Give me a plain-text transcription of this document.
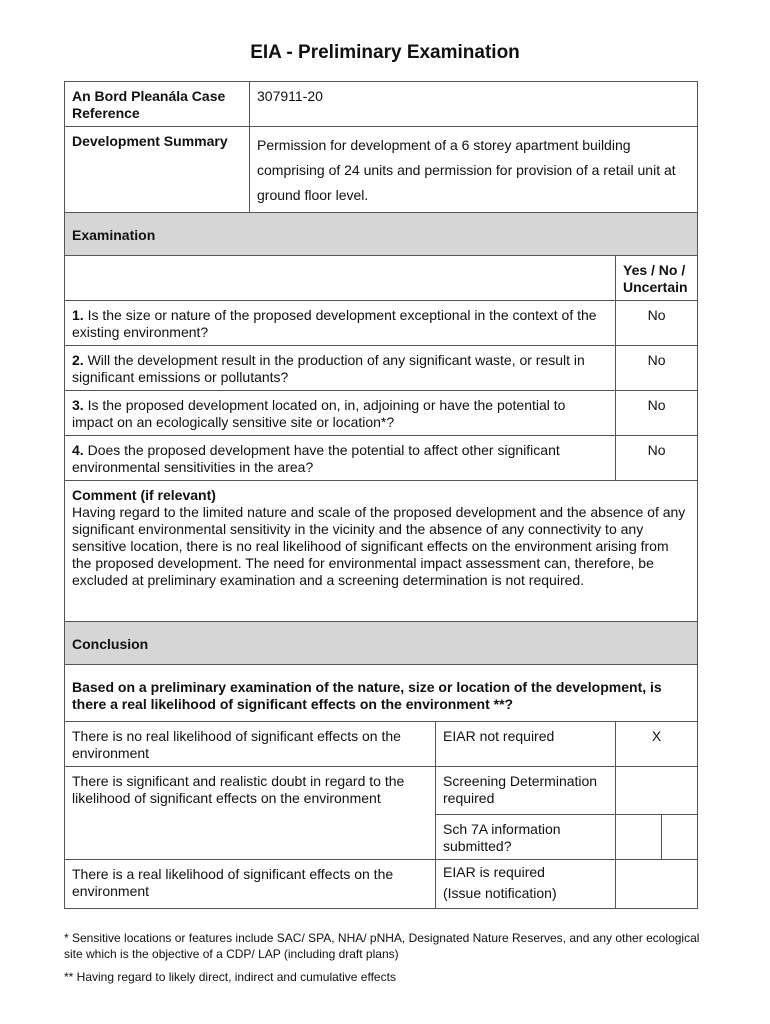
EIA - Preliminary Examination
An Bord Pleanála Case Reference	307911-20			
Development Summary	Permission for development of a 6 storey apartment building comprising of 24 units and permission for provision of a retail unit at ground floor level.			
Examination				
			Yes / No / Uncertain	
1. Is the size or nature of the proposed development exceptional in the context of the existing environment?			No	
2. Will the development result in the production of any significant waste, or result in significant emissions or pollutants?			No	
3. Is the proposed development located on, in, adjoining or have the potential to impact on an ecologically sensitive site or location*?			No	
4. Does the proposed development have the potential to affect other significant environmental sensitivities in the area?			No	

Comment (if relevant)
Having regard to the limited nature and scale of the proposed development and the absence of any significant environmental sensitivity in the vicinity and the absence of any connectivity to any sensitive location, there is no real likelihood of significant effects on the environment arising from the proposed development. The need for environmental impact assessment can, therefore, be excluded at preliminary examination and a screening determination is not required.				

Conclusion				
Based on a preliminary examination of the nature, size or location of the development, is there a real likelihood of significant effects on the environment **?				
There is no real likelihood of significant effects on the environment		EIAR not required	X	
There is significant and realistic doubt in regard to the likelihood of significant effects on the environment		Screening Determination required		
		Sch 7A information submitted?		
There is a real likelihood of significant effects on the environment		EIAR is required
(Issue notification)		

* Sensitive locations or features include SAC/ SPA, NHA/ pNHA, Designated Nature Reserves, and any other ecological site which is the objective of a CDP/ LAP (including draft plans)

** Having regard to likely direct, indirect and cumulative effects
